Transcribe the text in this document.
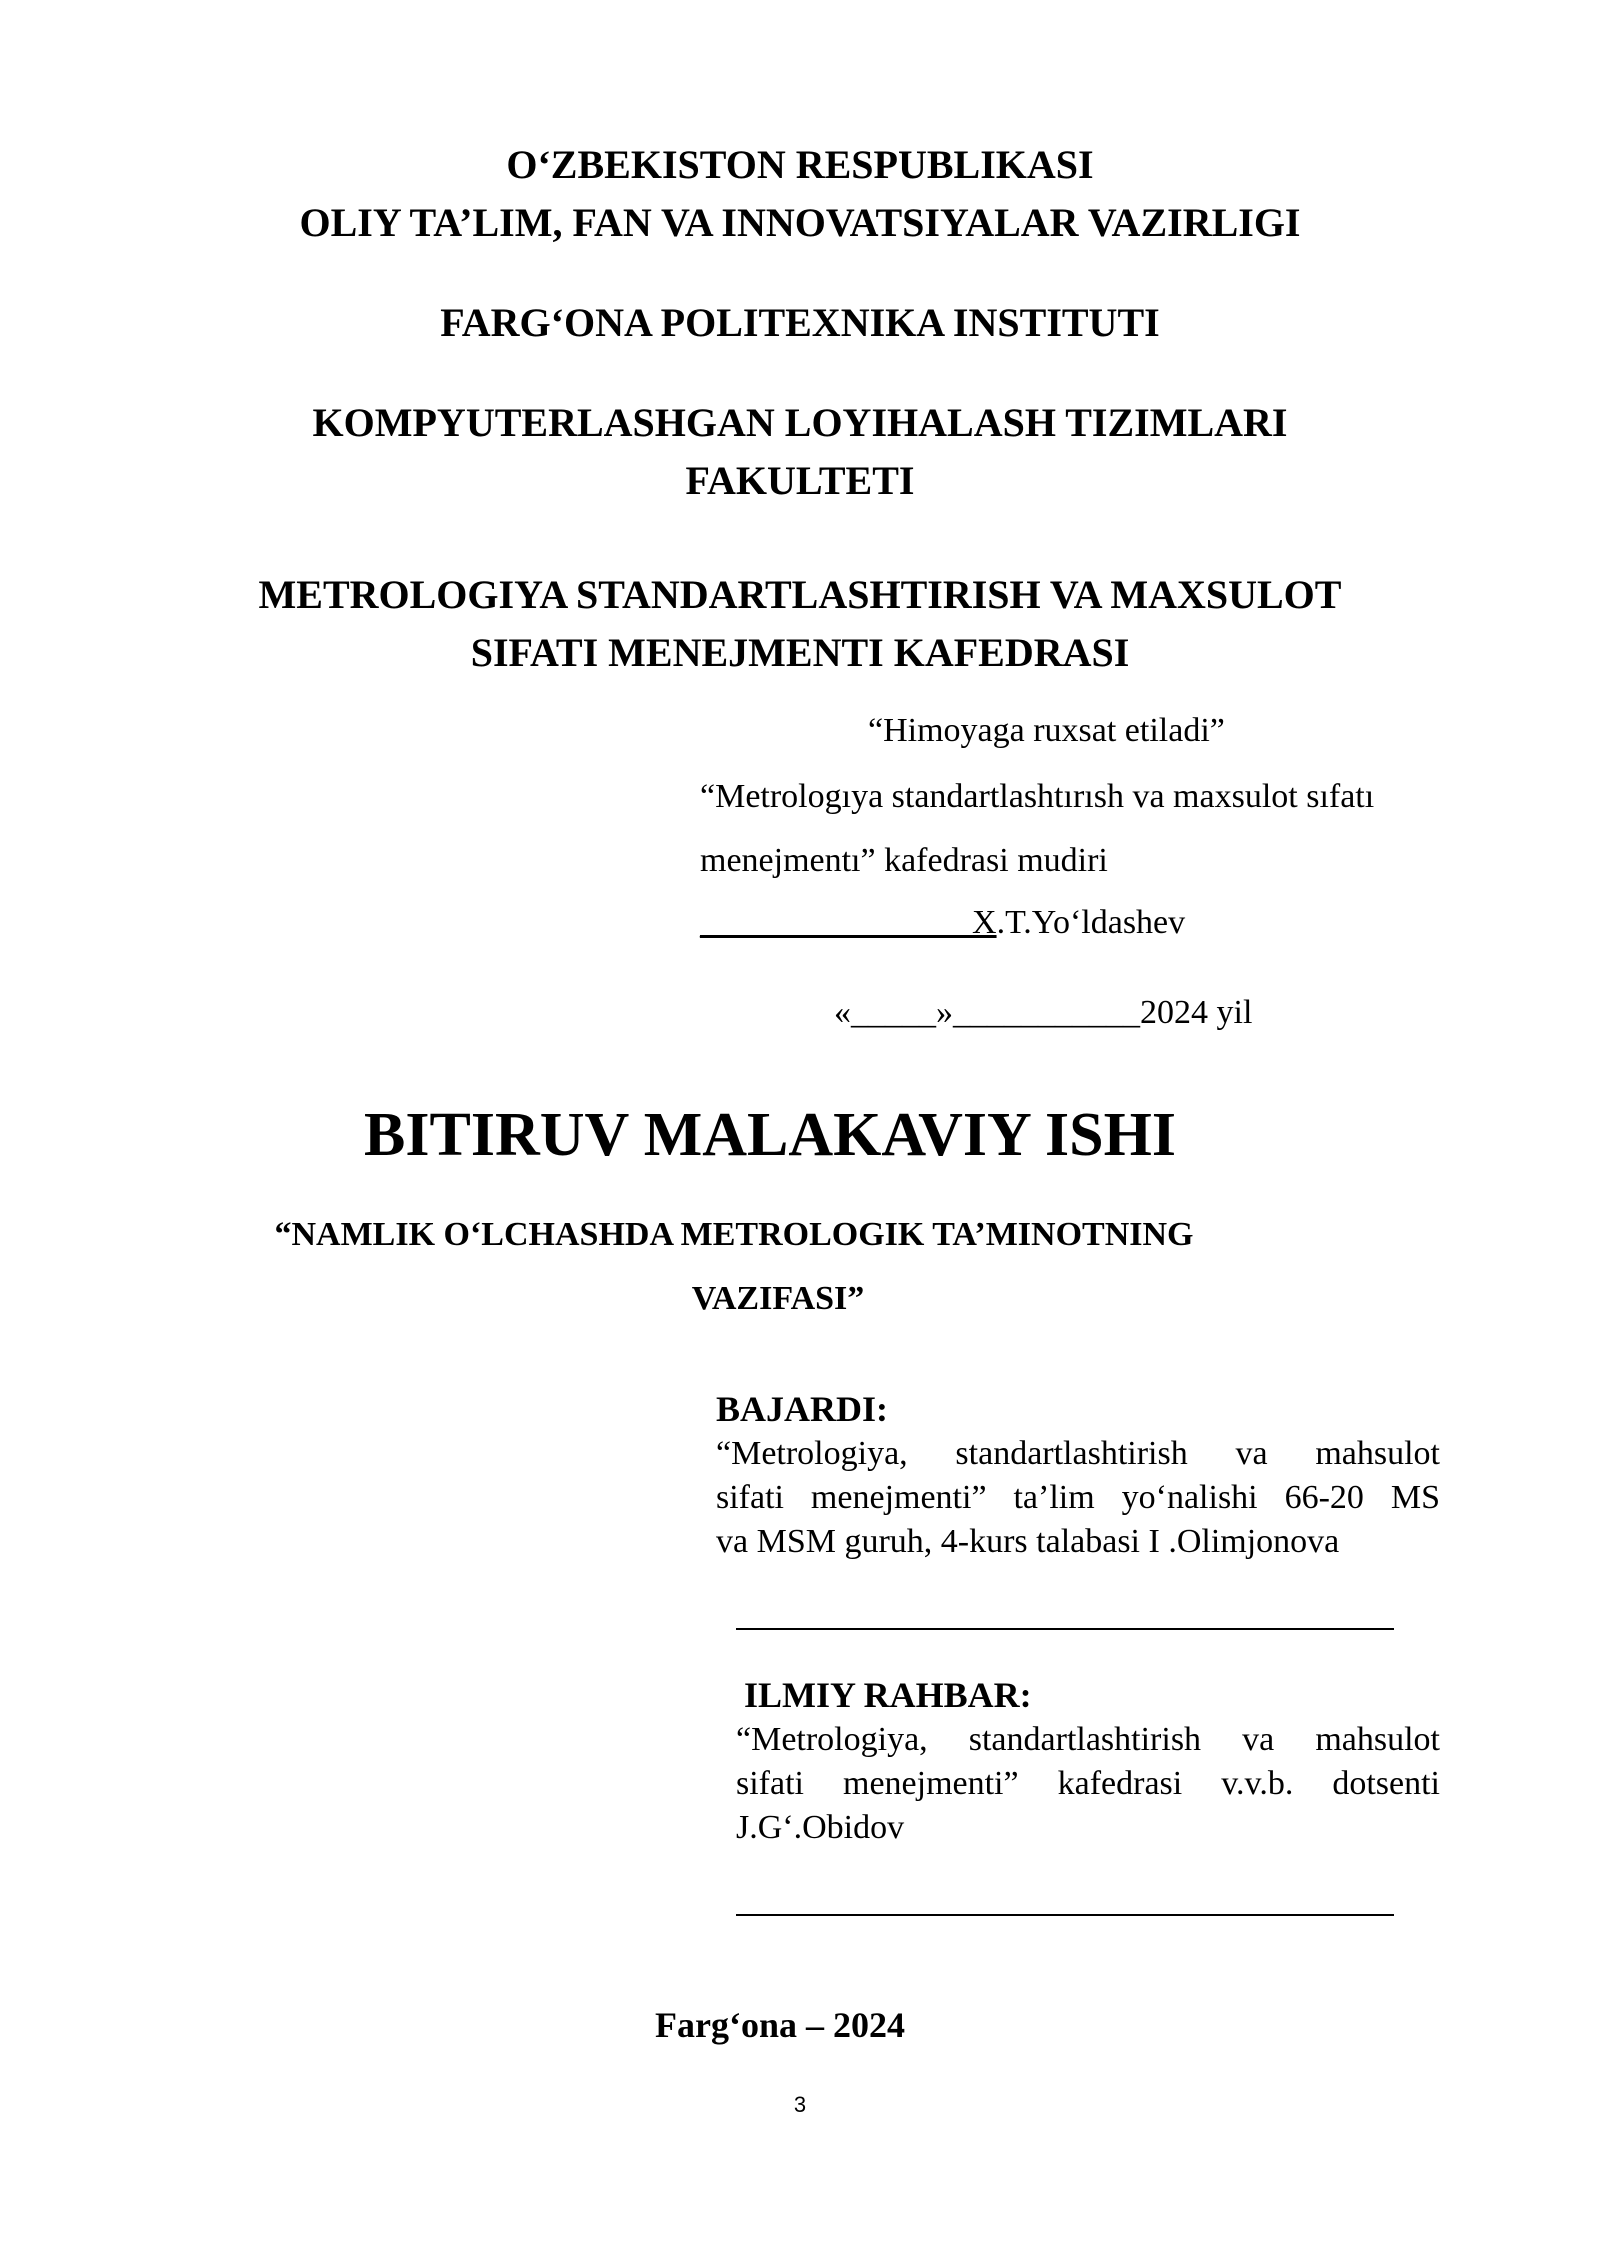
O‘ZBEKISTON RESPUBLIKASI
OLIY TA’LIM, FAN VA INNOVATSIYALAR VAZIRLIGI
FARG‘ONA POLITEXNIKA INSTITUTI
KOMPYUTERLASHGAN LOYIHALASH TIZIMLARI
FAKULTETI
METROLOGIYA STANDARTLASHTIRISH VA MAXSULOT
SIFATI MENEJMENTI KAFEDRASI
“Himoyaga ruxsat etiladi”
“Metrologıya standartlashtırısh va maxsulot sıfatı
menejmentı” kafedrasi mudiri
________________X.T.Yo‘ldashev
«_____»___________2024 yil
BITIRUV MALAKAVIY ISHI
“NAMLIK O‘LCHASHDA METROLOGIK TA’MINOTNING
VAZIFASI”
BAJARDI:
“Metrologiya, standartlashtirish va mahsulot
sifati menejmenti” ta’lim yo‘nalishi 66-20 MS
va MSM guruh, 4-kurs talabasi I .Olimjonova
ILMIY RAHBAR:
“Metrologiya, standartlashtirish va mahsulot
sifati menejmenti” kafedrasi v.v.b. dotsenti
J.G‘.Obidov
Farg‘ona – 2024
3
